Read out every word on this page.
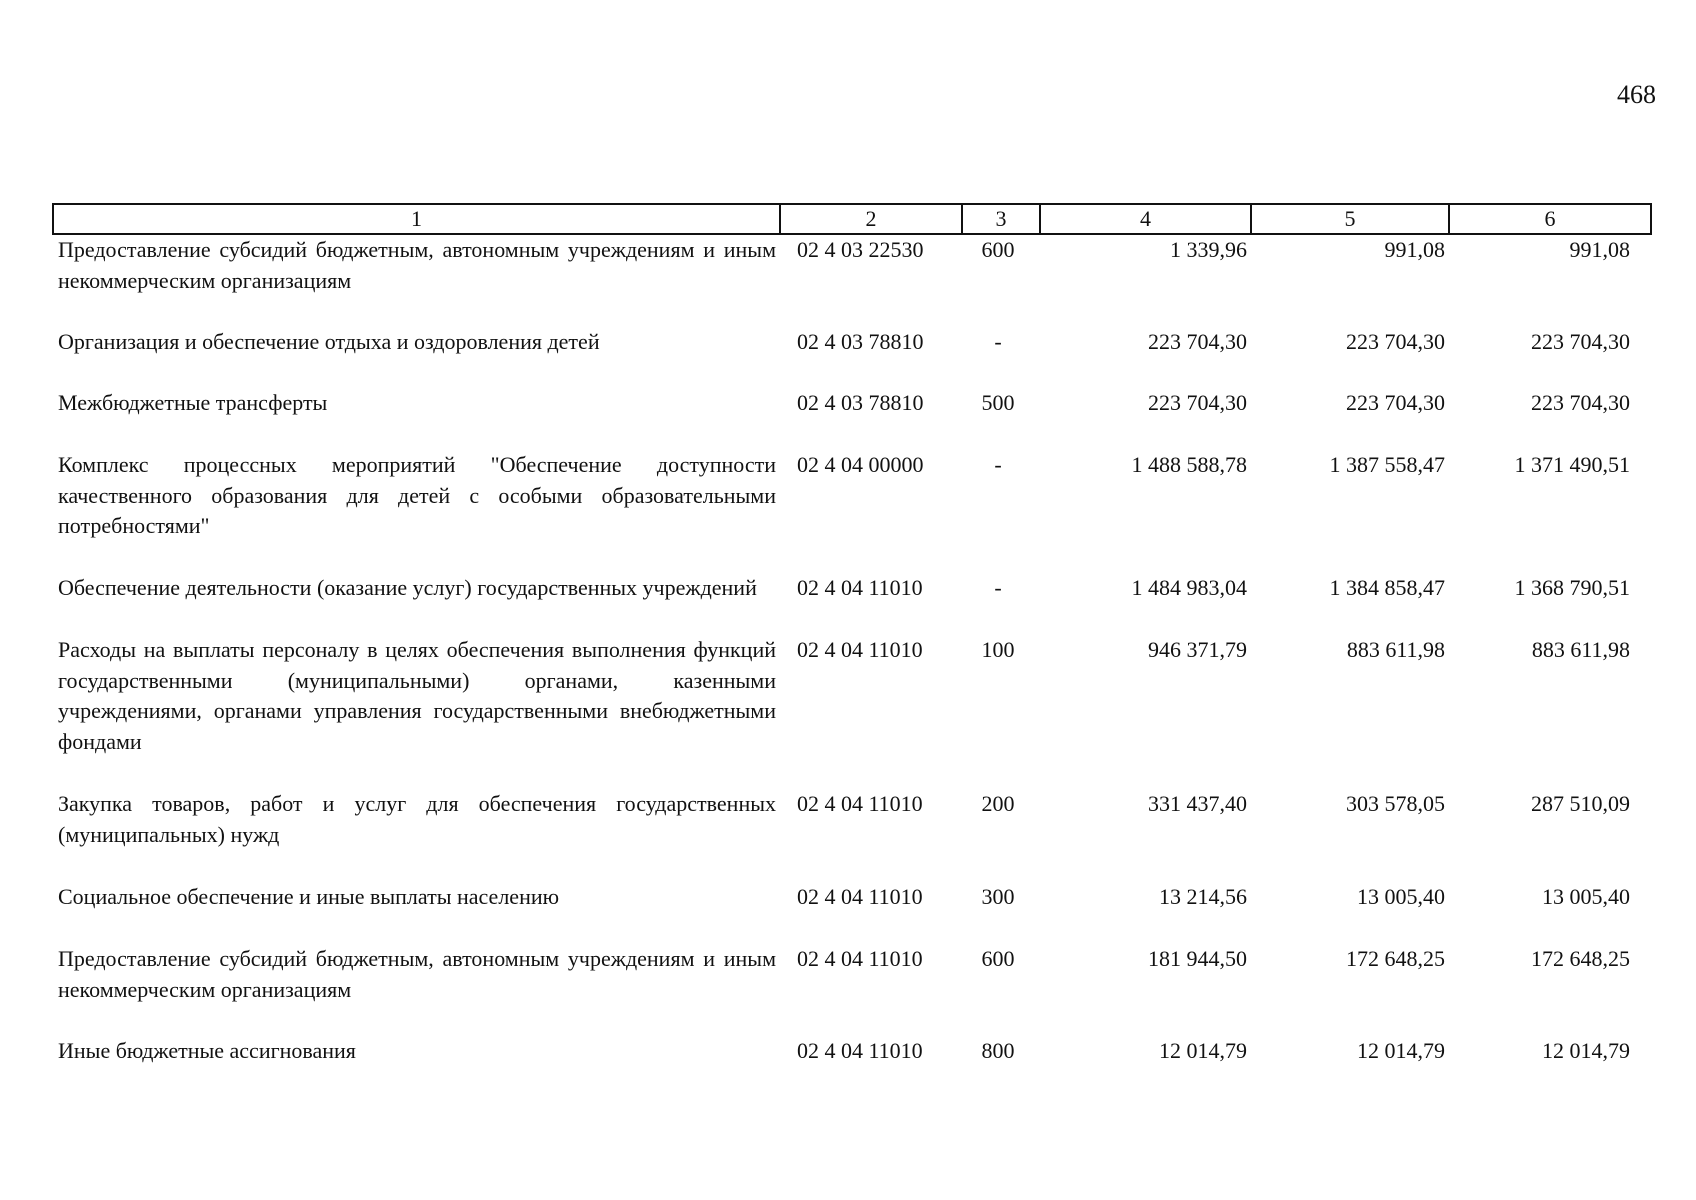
468
1	2	3	4	5	6
Предоставление субсидий бюджетным, автономным учреждениям и иным некоммерческим организациям	02 4 03 22530	600	1 339,96	991,08	991,08
Организация и обеспечение отдыха и оздоровления детей	02 4 03 78810	-	223 704,30	223 704,30	223 704,30
Межбюджетные трансферты	02 4 03 78810	500	223 704,30	223 704,30	223 704,30
Комплекс процессных мероприятий "Обеспечение доступности качественного образования для детей с особыми образовательными потребностями"	02 4 04 00000	-	1 488 588,78	1 387 558,47	1 371 490,51
Обеспечение деятельности (оказание услуг) государственных учреждений	02 4 04 11010	-	1 484 983,04	1 384 858,47	1 368 790,51
Расходы на выплаты персоналу в целях обеспечения выполнения функций государственными (муниципальными) органами, казенными учреждениями, органами управления государственными внебюджетными фондами	02 4 04 11010	100	946 371,79	883 611,98	883 611,98
Закупка товаров, работ и услуг для обеспечения государственных (муниципальных) нужд	02 4 04 11010	200	331 437,40	303 578,05	287 510,09
Социальное обеспечение и иные выплаты населению	02 4 04 11010	300	13 214,56	13 005,40	13 005,40
Предоставление субсидий бюджетным, автономным учреждениям и иным некоммерческим организациям	02 4 04 11010	600	181 944,50	172 648,25	172 648,25
Иные бюджетные ассигнования	02 4 04 11010	800	12 014,79	12 014,79	12 014,79
